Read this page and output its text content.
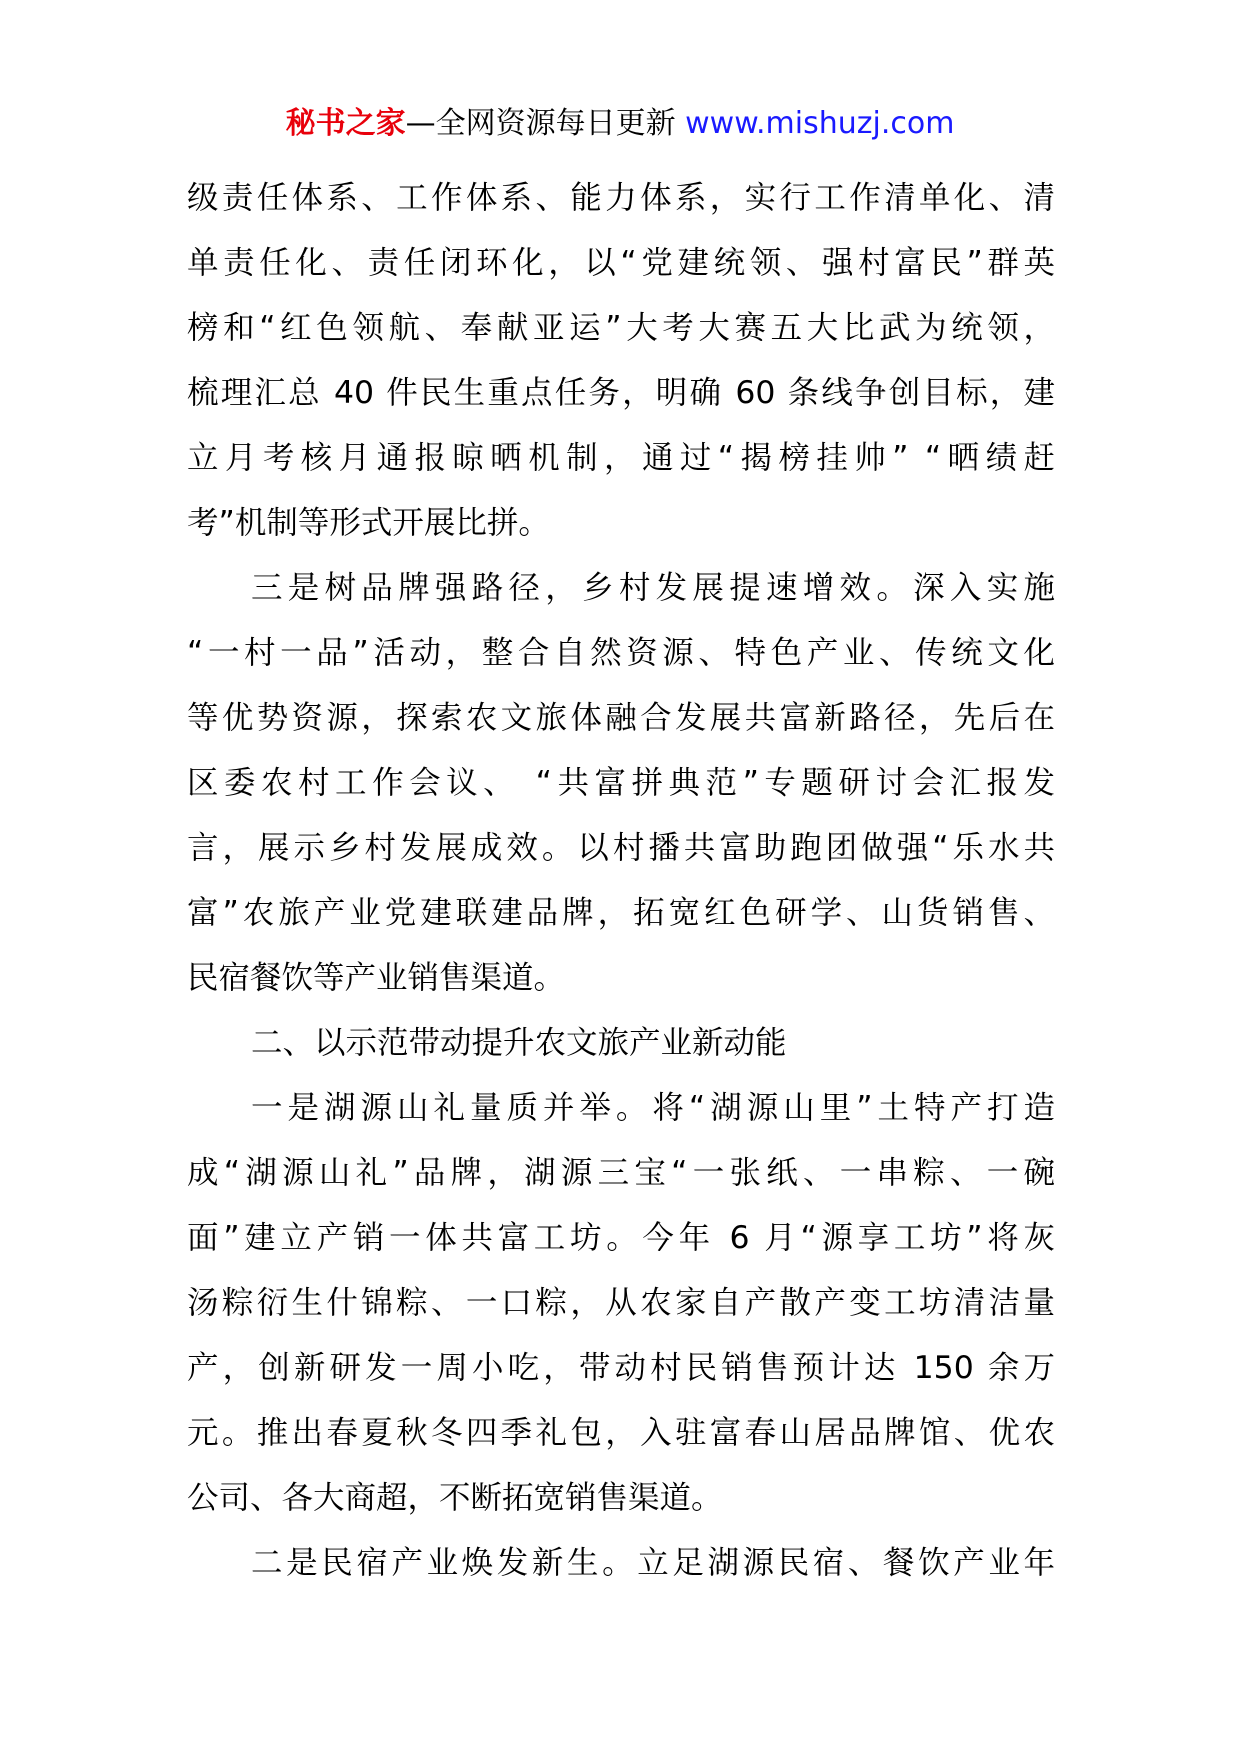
秘书之家—全网资源每日更新 www.mishuzj.com
级责任体系、工作体系、能力体系，实行工作清单化、清
单责任化、责任闭环化，以“党建统领、强村富民”群英
榜和“红色领航、奉献亚运”大考大赛五大比武为统领，
梳理汇总 40 件民生重点任务，明确 60 条线争创目标，建
立月考核月通报晾晒机制，通过“揭榜挂帅” “晒绩赶
考”机制等形式开展比拼。
三是树品牌强路径，乡村发展提速增效。深入实施
“一村一品”活动，整合自然资源、特色产业、传统文化
等优势资源，探索农文旅体融合发展共富新路径，先后在
区委农村工作会议、 “共富拼典范”专题研讨会汇报发
言，展示乡村发展成效。以村播共富助跑团做强“乐水共
富”农旅产业党建联建品牌，拓宽红色研学、山货销售、
民宿餐饮等产业销售渠道。
二、以示范带动提升农文旅产业新动能
一是湖源山礼量质并举。将“湖源山里”土特产打造
成“湖源山礼”品牌，湖源三宝“一张纸、一串粽、一碗
面”建立产销一体共富工坊。今年 6 月“源享工坊”将灰
汤粽衍生什锦粽、一口粽，从农家自产散产变工坊清洁量
产，创新研发一周小吃，带动村民销售预计达 150 余万
元。推出春夏秋冬四季礼包，入驻富春山居品牌馆、优农
公司、各大商超，不断拓宽销售渠道。
二是民宿产业焕发新生。立足湖源民宿、餐饮产业年
